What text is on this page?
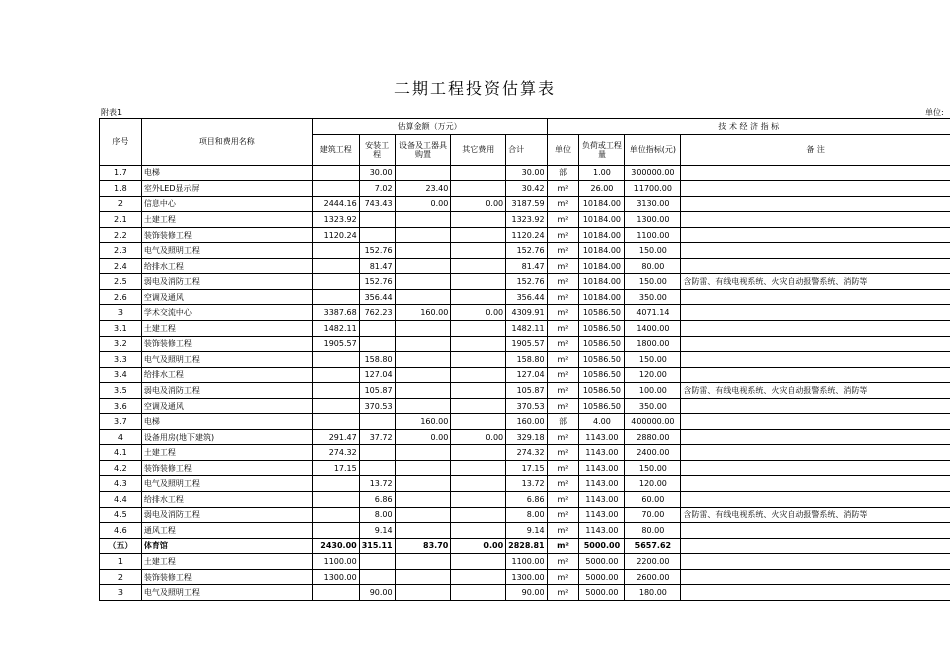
二期工程投资估算表
附表1	单位:
序号	项目和费用名称	估算金额（万元）					技 术 经 济 指 标			
		建筑工程	安装工程	设备及工器具购置	其它费用	合计	单位	负荷或工程量	单位指标(元)	备 注
1.7	电梯		30.00			30.00	部	1.00	300000.00	
1.8	室外LED显示屏		7.02	23.40		30.42	m²	26.00	11700.00	
2	信息中心	2444.16	743.43	0.00	0.00	3187.59	m²	10184.00	3130.00	
2.1	土建工程	1323.92				1323.92	m²	10184.00	1300.00	
2.2	装饰装修工程	1120.24				1120.24	m²	10184.00	1100.00	
2.3	电气及照明工程		152.76			152.76	m²	10184.00	150.00	
2.4	给排水工程		81.47			81.47	m²	10184.00	80.00	
2.5	弱电及消防工程		152.76			152.76	m²	10184.00	150.00	含防雷、有线电视系统、火灾自动报警系统、消防等
2.6	空调及通风		356.44			356.44	m²	10184.00	350.00	
3	学术交流中心	3387.68	762.23	160.00	0.00	4309.91	m²	10586.50	4071.14	
3.1	土建工程	1482.11				1482.11	m²	10586.50	1400.00	
3.2	装饰装修工程	1905.57				1905.57	m²	10586.50	1800.00	
3.3	电气及照明工程		158.80			158.80	m²	10586.50	150.00	
3.4	给排水工程		127.04			127.04	m²	10586.50	120.00	
3.5	弱电及消防工程		105.87			105.87	m²	10586.50	100.00	含防雷、有线电视系统、火灾自动报警系统、消防等
3.6	空调及通风		370.53			370.53	m²	10586.50	350.00	
3.7	电梯			160.00		160.00	部	4.00	400000.00	
4	设备用房(地下建筑)	291.47	37.72	0.00	0.00	329.18	m²	1143.00	2880.00	
4.1	土建工程	274.32				274.32	m²	1143.00	2400.00	
4.2	装饰装修工程	17.15				17.15	m²	1143.00	150.00	
4.3	电气及照明工程		13.72			13.72	m²	1143.00	120.00	
4.4	给排水工程		6.86			6.86	m²	1143.00	60.00	
4.5	弱电及消防工程		8.00			8.00	m²	1143.00	70.00	含防雷、有线电视系统、火灾自动报警系统、消防等
4.6	通风工程		9.14			9.14	m²	1143.00	80.00	
（五）	体育馆	2430.00	315.11	83.70	0.00	2828.81	m²	5000.00	5657.62	
1	土建工程	1100.00				1100.00	m²	5000.00	2200.00	
2	装饰装修工程	1300.00				1300.00	m²	5000.00	2600.00	
3	电气及照明工程		90.00			90.00	m²	5000.00	180.00	
